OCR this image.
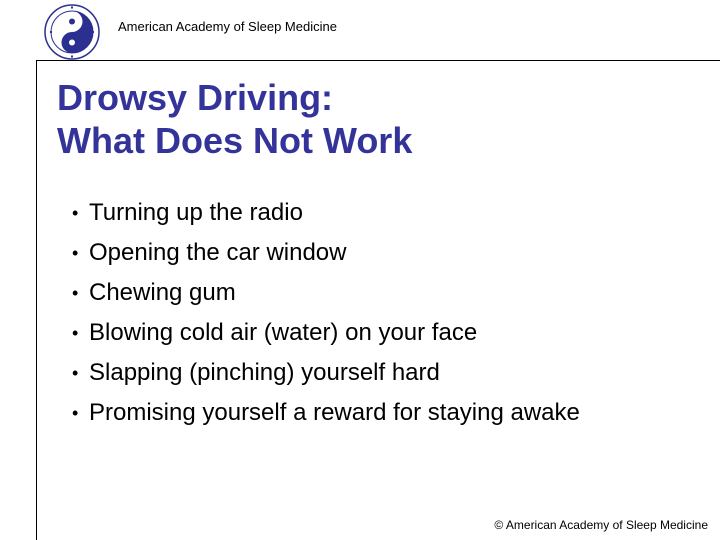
American Academy of Sleep Medicine
Drowsy Driving:
What Does Not Work
• Turning up the radio
• Opening the car window
• Chewing gum
• Blowing cold air (water) on your face
• Slapping (pinching) yourself hard
• Promising yourself a reward for staying awake
© American Academy of Sleep Medicine
